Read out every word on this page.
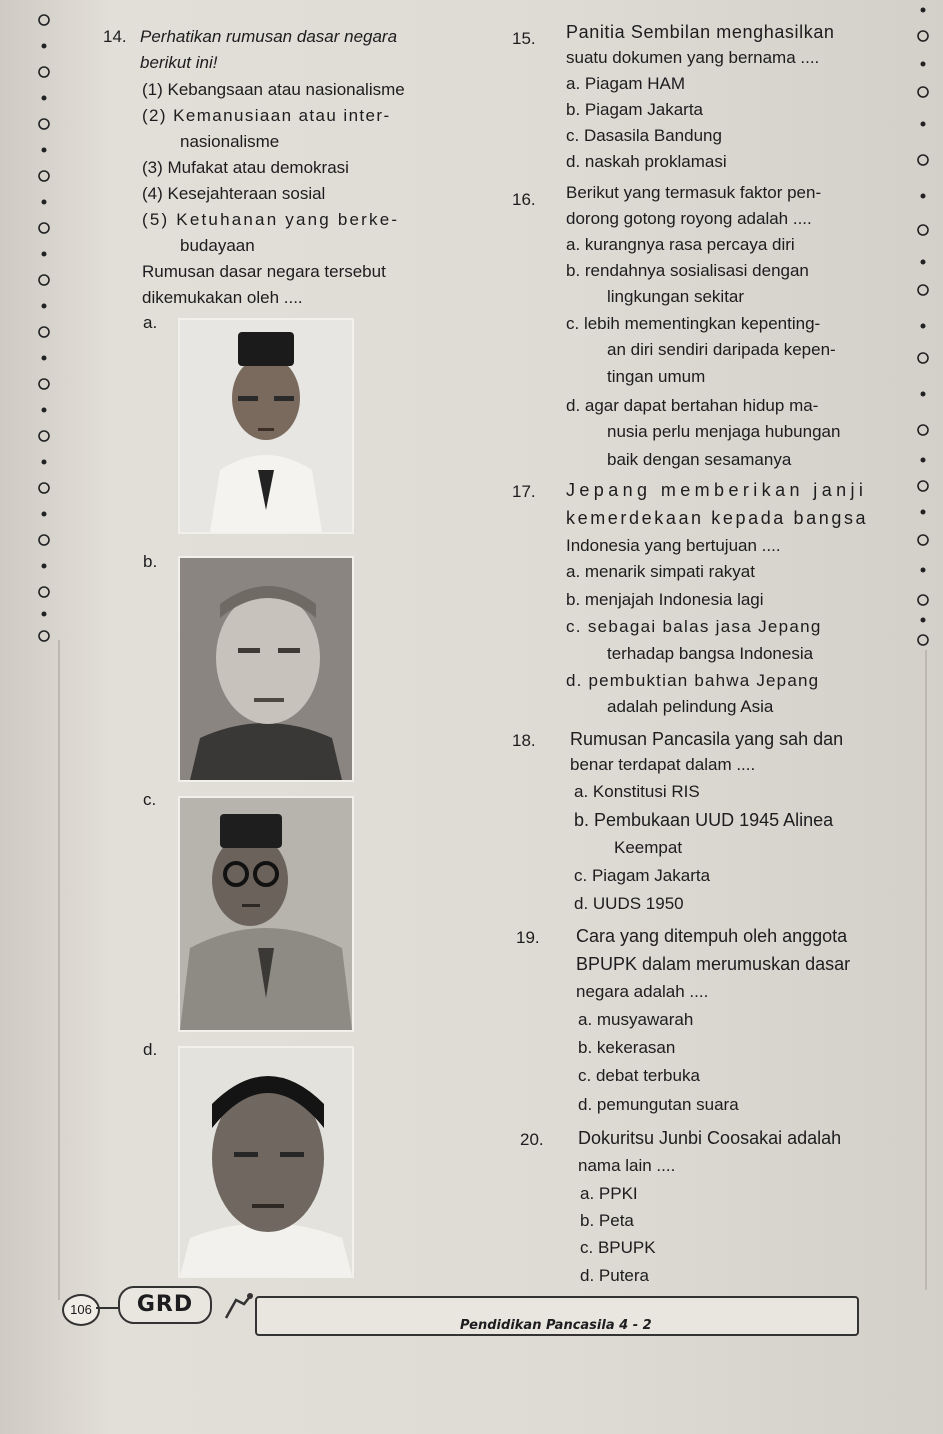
14. Perhatikan rumusan dasar negara
berikut ini!
(1) Kebangsaan atau nasionalisme
(2) Kemanusiaan atau inter-
nasionalisme
(3) Mufakat atau demokrasi
(4) Kesejahteraan sosial
(5) Ketuhanan yang berke-
budayaan
Rumusan dasar negara tersebut
dikemukakan oleh ....
a.
b.
c.
d.
15. Panitia Sembilan menghasilkan
suatu dokumen yang bernama ....
a. Piagam HAM
b. Piagam Jakarta
c. Dasasila Bandung
d. naskah proklamasi
16. Berikut yang termasuk faktor pen-
dorong gotong royong adalah ....
a. kurangnya rasa percaya diri
b. rendahnya sosialisasi dengan
lingkungan sekitar
c. lebih mementingkan kepenting-
an diri sendiri daripada kepen-
tingan umum
d. agar dapat bertahan hidup ma-
nusia perlu menjaga hubungan
baik dengan sesamanya
17. Jepang memberikan janji
kemerdekaan kepada bangsa
Indonesia yang bertujuan ....
a. menarik simpati rakyat
b. menjajah Indonesia lagi
c. sebagai balas jasa Jepang
terhadap bangsa Indonesia
d. pembuktian bahwa Jepang
adalah pelindung Asia
18. Rumusan Pancasila yang sah dan
benar terdapat dalam ....
a. Konstitusi RIS
b. Pembukaan UUD 1945 Alinea
Keempat
c. Piagam Jakarta
d. UUDS 1950
19. Cara yang ditempuh oleh anggota
BPUPK dalam merumuskan dasar
negara adalah ....
a. musyawarah
b. kekerasan
c. debat terbuka
d. pemungutan suara
20. Dokuritsu Junbi Coosakai adalah
nama lain ....
a. PPKI
b. Peta
c. BPUPK
d. Putera
106	GRD
Pendidikan Pancasila 4 - 2
